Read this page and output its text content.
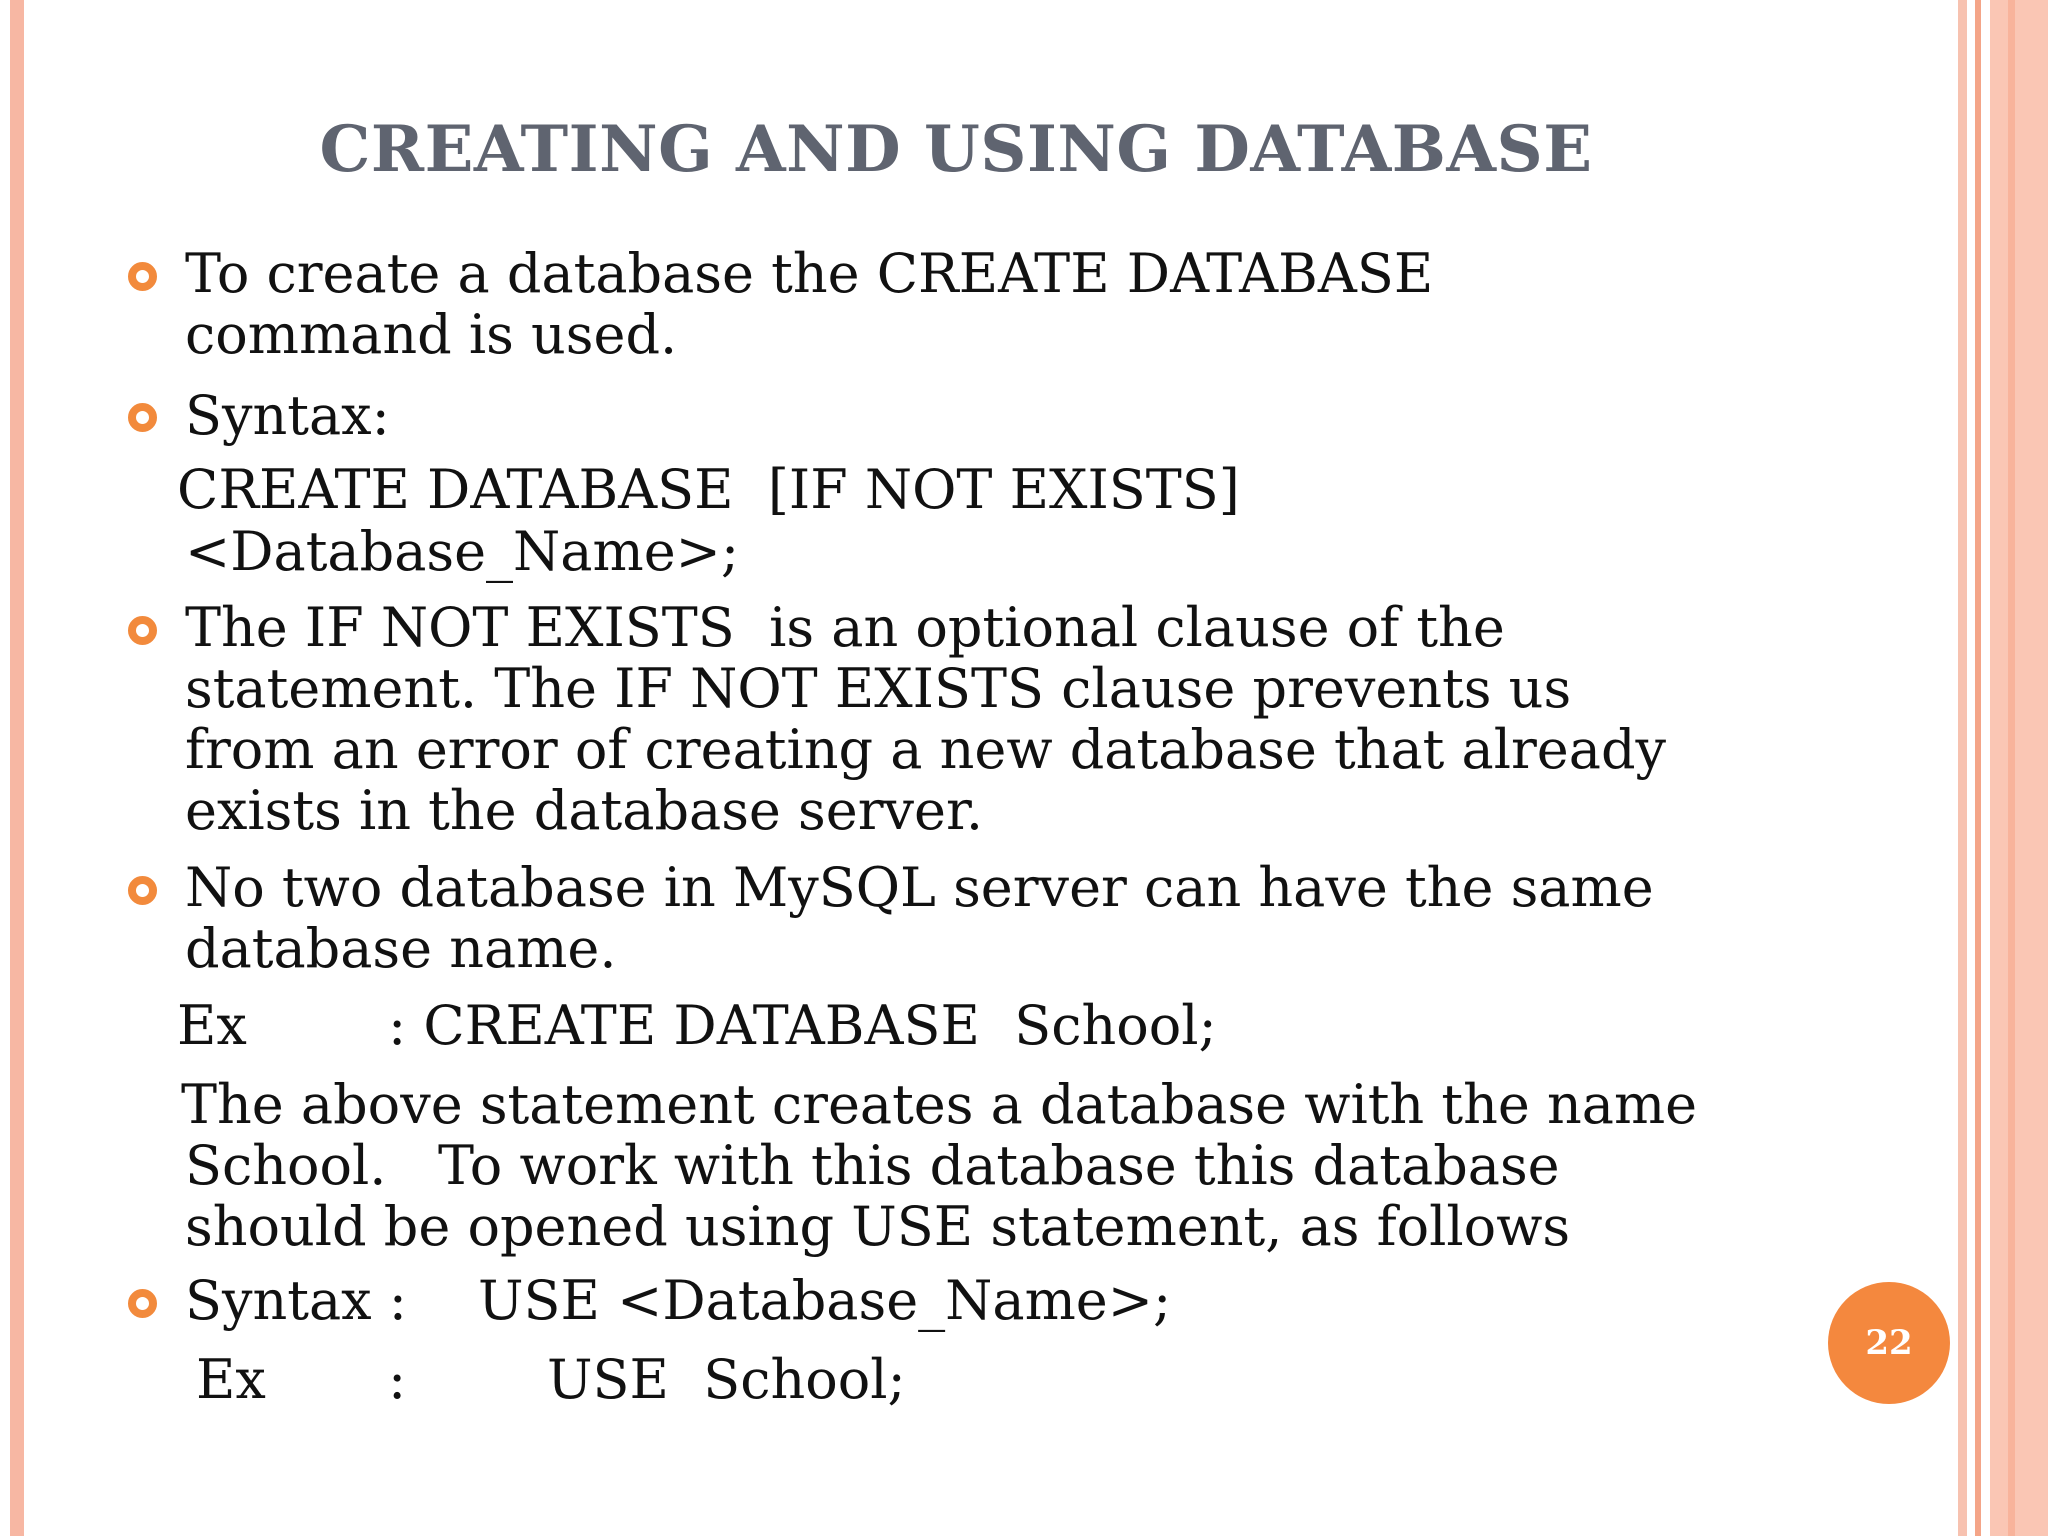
CREATING AND USING DATABASE
To create a database the CREATE DATABASE
command is used.
Syntax:
CREATE DATABASE  [IF NOT EXISTS]
<Database_Name>;
The IF NOT EXISTS  is an optional clause of the
statement. The IF NOT EXISTS clause prevents us
from an error of creating a new database that already
exists in the database server.
No two database in MySQL server can have the same
database name.
Ex	: CREATE DATABASE  School;
The above statement creates a database with the name
School.   To work with this database this database
should be opened using USE statement, as follows
Syntax : USE <Database_Name>;
Ex :	USE  School;
22
